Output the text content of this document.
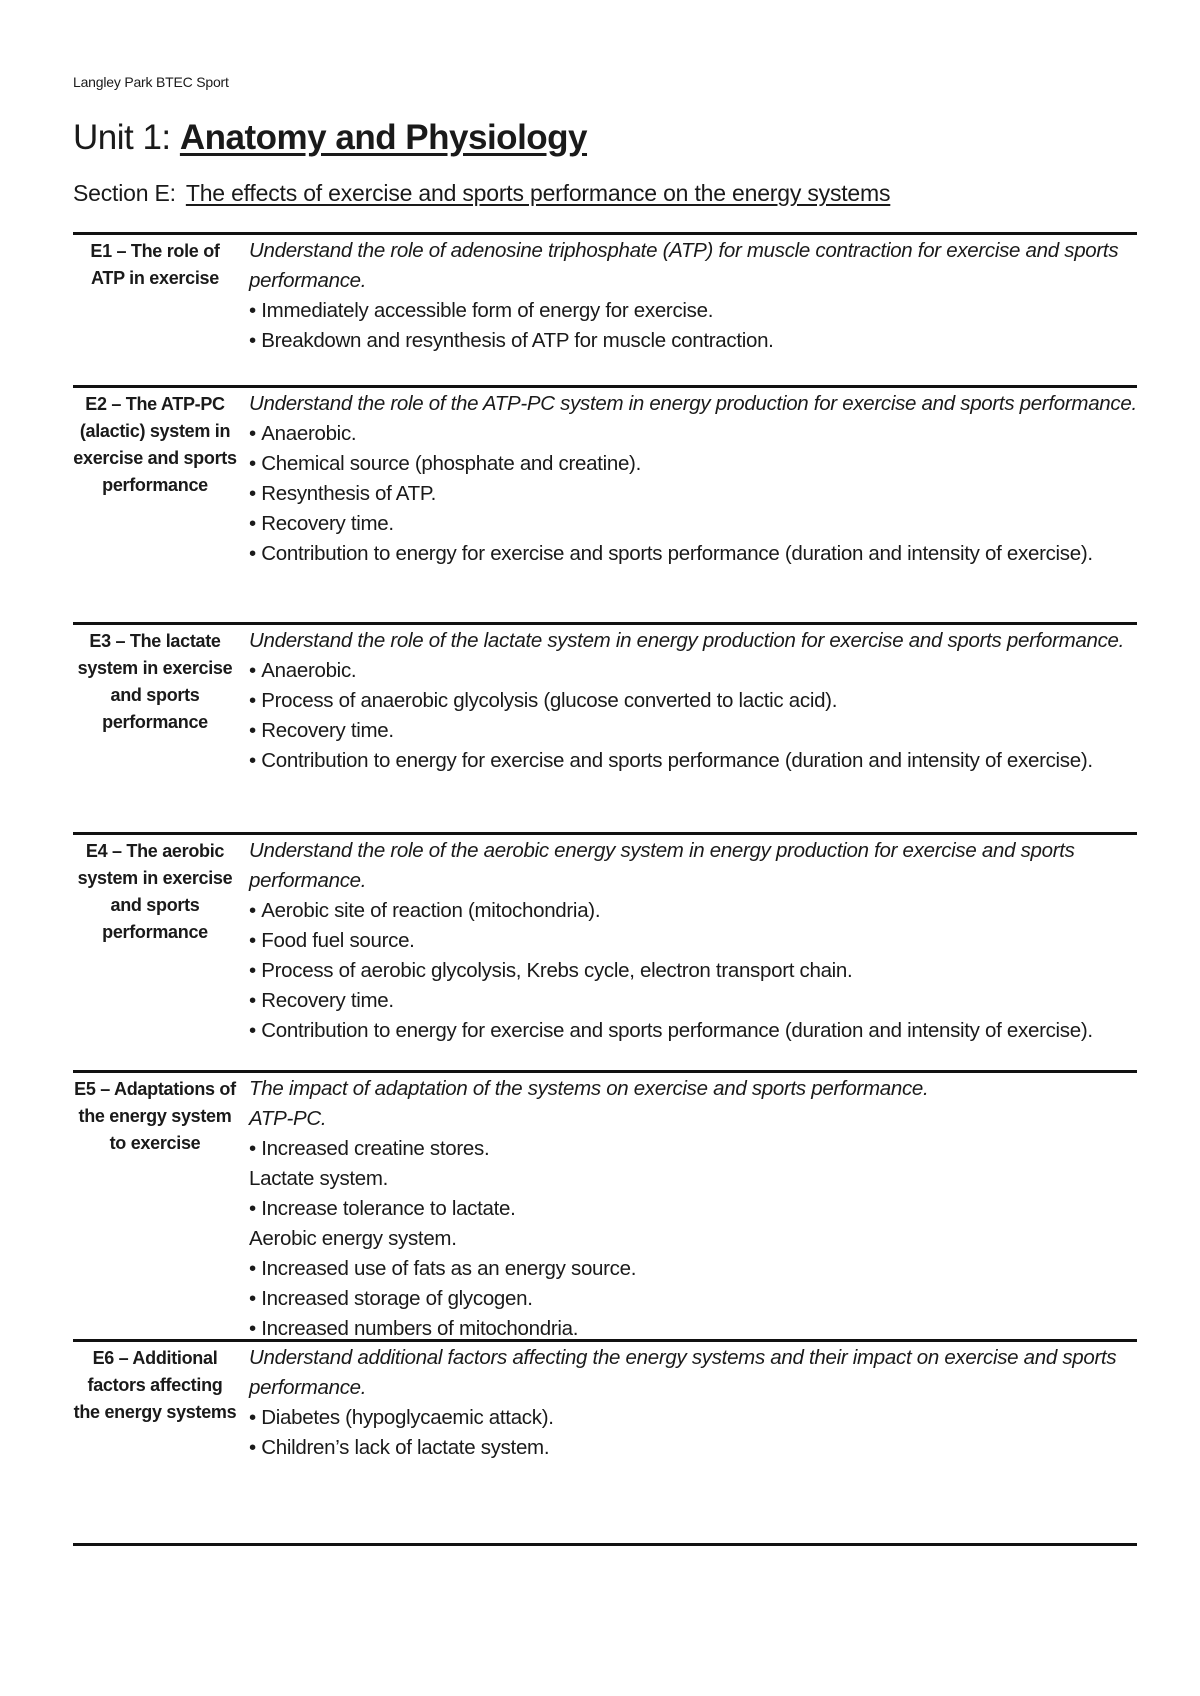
Langley Park BTEC Sport
Unit 1: Anatomy and Physiology
Section E: The effects of exercise and sports performance on the energy systems
E1 – The role of ATP in exercise
Understand the role of adenosine triphosphate (ATP) for muscle contraction for exercise and sports performance.
• Immediately accessible form of energy for exercise.
• Breakdown and resynthesis of ATP for muscle contraction.
E2 – The ATP-PC (alactic) system in exercise and sports performance
Understand the role of the ATP-PC system in energy production for exercise and sports performance.
• Anaerobic.
• Chemical source (phosphate and creatine).
• Resynthesis of ATP.
• Recovery time.
• Contribution to energy for exercise and sports performance (duration and intensity of exercise).
E3 – The lactate system in exercise and sports performance
Understand the role of the lactate system in energy production for exercise and sports performance.
• Anaerobic.
• Process of anaerobic glycolysis (glucose converted to lactic acid).
• Recovery time.
• Contribution to energy for exercise and sports performance (duration and intensity of exercise).
E4 – The aerobic system in exercise and sports performance
Understand the role of the aerobic energy system in energy production for exercise and sports performance.
• Aerobic site of reaction (mitochondria).
• Food fuel source.
• Process of aerobic glycolysis, Krebs cycle, electron transport chain.
• Recovery time.
• Contribution to energy for exercise and sports performance (duration and intensity of exercise).
E5 – Adaptations of the energy system to exercise
The impact of adaptation of the systems on exercise and sports performance.
ATP-PC.
• Increased creatine stores.
Lactate system.
• Increase tolerance to lactate.
Aerobic energy system.
• Increased use of fats as an energy source.
• Increased storage of glycogen.
• Increased numbers of mitochondria.
E6 – Additional factors affecting the energy systems
Understand additional factors affecting the energy systems and their impact on exercise and sports performance.
• Diabetes (hypoglycaemic attack).
• Children’s lack of lactate system.
